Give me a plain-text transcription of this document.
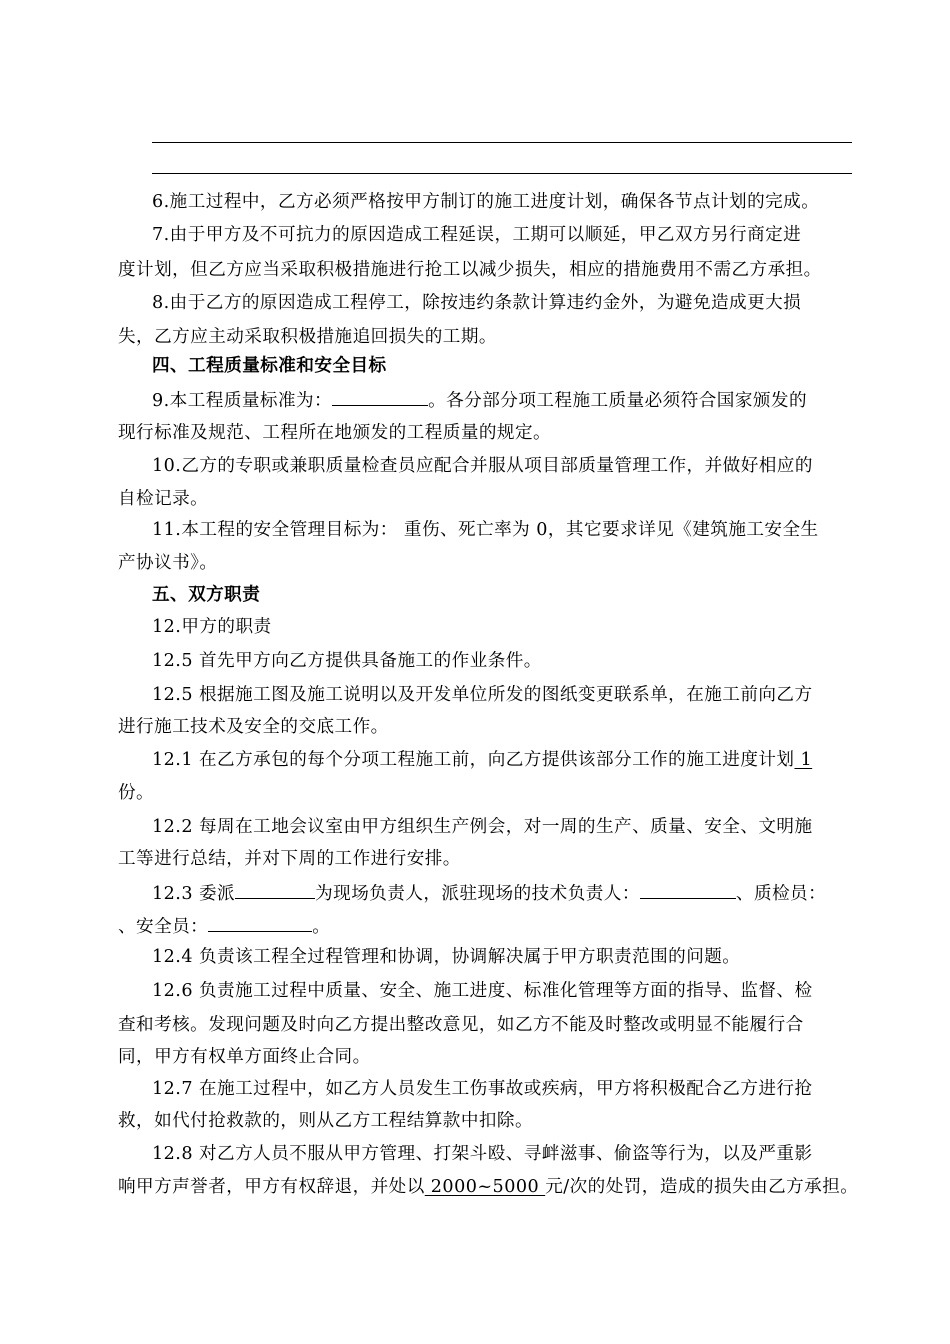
6.施工过程中，乙方必须严格按甲方制订的施工进度计划，确保各节点计划的完成。
7.由于甲方及不可抗力的原因造成工程延误，工期可以顺延，甲乙双方另行商定进
度计划，但乙方应当采取积极措施进行抢工以减少损失，相应的措施费用不需乙方承担。
8.由于乙方的原因造成工程停工，除按违约条款计算违约金外，为避免造成更大损
失，乙方应主动采取积极措施追回损失的工期。
四、工程质量标准和安全目标
9.本工程质量标准为：	。各分部分项工程施工质量必须符合国家颁发的
现行标准及规范、工程所在地颁发的工程质量的规定。
10.乙方的专职或兼职质量检查员应配合并服从项目部质量管理工作，并做好相应的
自检记录。
11.本工程的安全管理目标为： 重伤、死亡率为 0，其它要求详见《建筑施工安全生
产协议书》。
五、双方职责
12.甲方的职责
12.5 首先甲方向乙方提供具备施工的作业条件。
12.5 根据施工图及施工说明以及开发单位所发的图纸变更联系单，在施工前向乙方
进行施工技术及安全的交底工作。
12.1 在乙方承包的每个分项工程施工前，向乙方提供该部分工作的施工进度计划 1
份。
12.2 每周在工地会议室由甲方组织生产例会，对一周的生产、质量、安全、文明施
工等进行总结，并对下周的工作进行安排。
12.3 委派	为现场负责人，派驻现场的技术负责人：	、质检员：
、安全员：	。
12.4 负责该工程全过程管理和协调，协调解决属于甲方职责范围的问题。
12.6 负责施工过程中质量、安全、施工进度、标准化管理等方面的指导、监督、检
查和考核。发现问题及时向乙方提出整改意见，如乙方不能及时整改或明显不能履行合
同，甲方有权单方面终止合同。
12.7 在施工过程中，如乙方人员发生工伤事故或疾病，甲方将积极配合乙方进行抢
救，如代付抢救款的，则从乙方工程结算款中扣除。
12.8 对乙方人员不服从甲方管理、打架斗殴、寻衅滋事、偷盗等行为，以及严重影
响甲方声誉者，甲方有权辞退，并处以 2000~5000 元/次的处罚，造成的损失由乙方承担。
